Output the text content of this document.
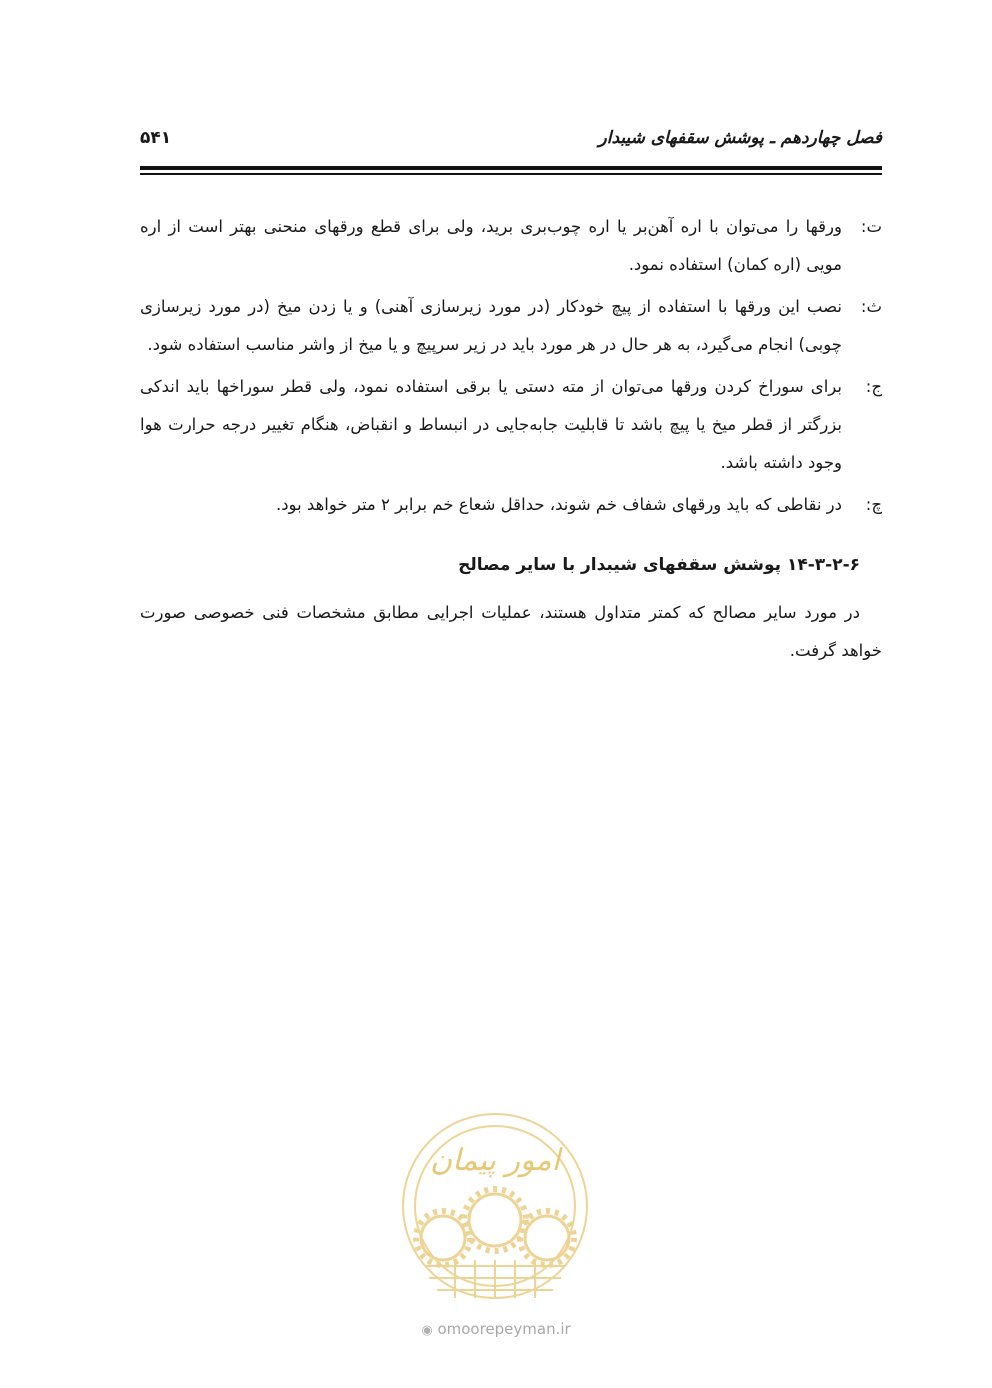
فصل چهاردهم ـ پوشش سقفهای شیبدار
۵۴۱
ت:
ورقها را می‌توان با اره آهن‌بر یا اره چوب‌بری برید، ولی برای قطع ورقهای منحنی بهتر است از اره مویی (اره کمان) استفاده نمود.
ث:
نصب این ورقها با استفاده از پیچ خودکار (در مورد زیرسازی آهنی) و یا زدن میخ (در مورد زیرسازی چوبی) انجام می‌گیرد، به هر حال در هر مورد باید در زیر سرپیچ و یا میخ از واشر مناسب استفاده شود.
ج:
برای سوراخ کردن ورقها می‌توان از مته دستی یا برقی استفاده نمود، ولی قطر سوراخها باید اندکی بزرگتر از قطر میخ یا پیچ باشد تا قابلیت جابه‌جایی در انبساط و انقباض، هنگام تغییر درجه حرارت هوا وجود داشته باشد.
چ:
در نقاطی که باید ورقهای شفاف خم شوند، حداقل شعاع خم برابر ۲ متر خواهد بود.
۱۴-۳-۲-۶ پوشش سقفهای شیبدار با سایر مصالح
در مورد سایر مصالح که کمتر متداول هستند، عملیات اجرایی مطابق مشخصات فنی خصوصی صورت خواهد گرفت.
امور پیمان
◉ omoorepeyman.ir
